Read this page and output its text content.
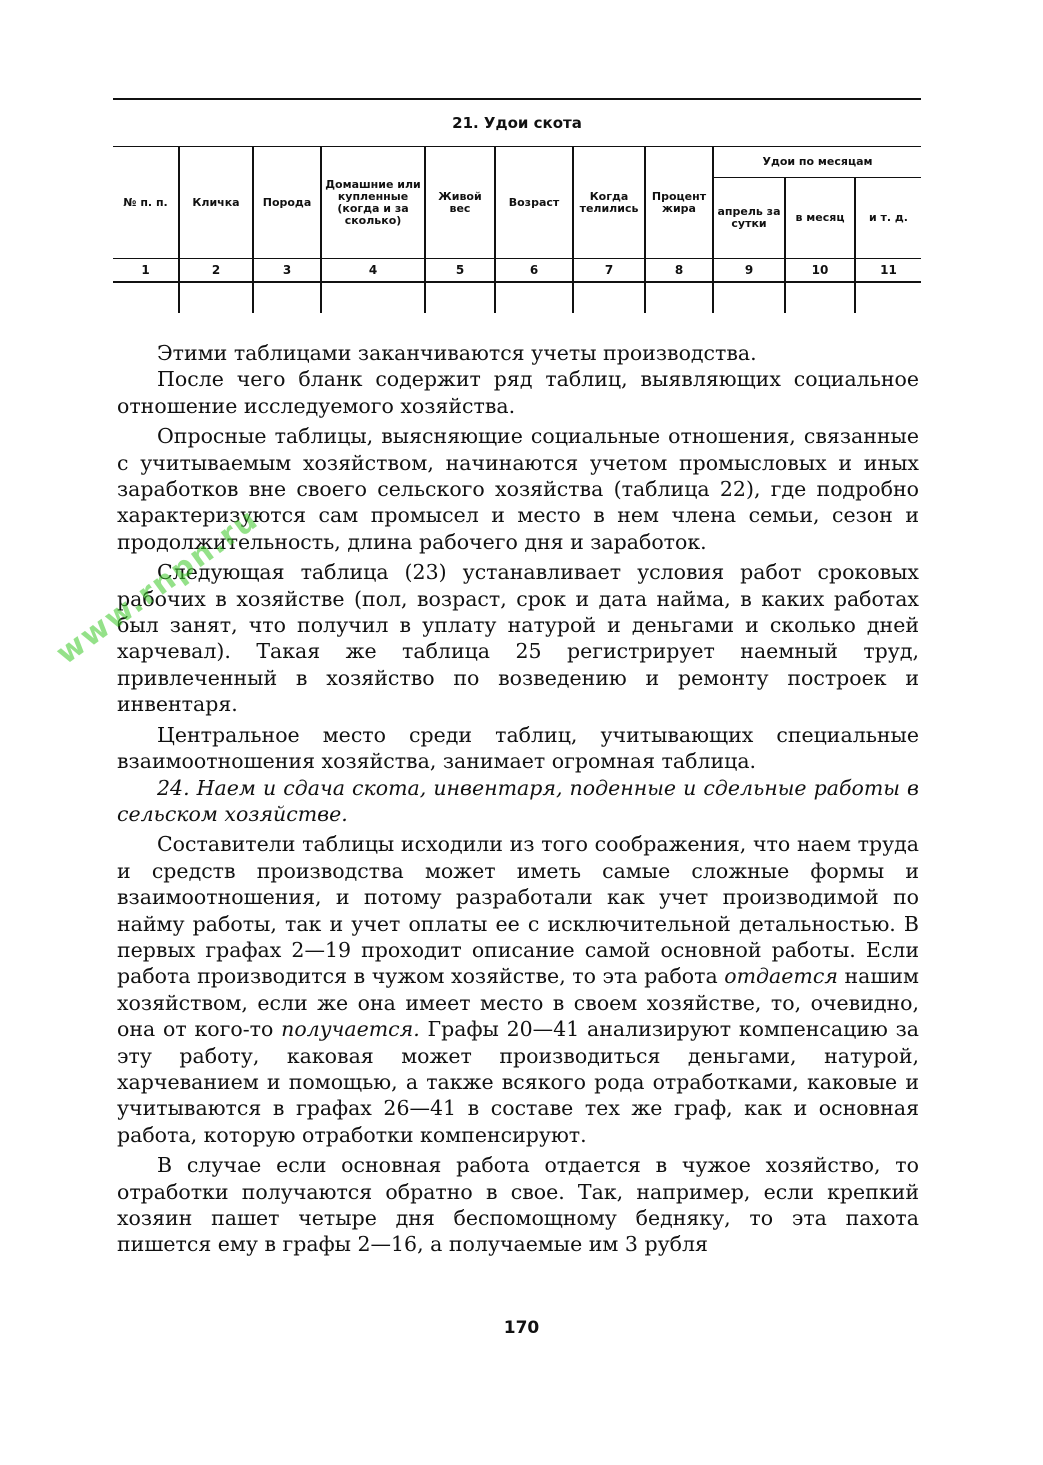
21. Удои скота
№ п. п.	Кличка	Порода	Домашние или купленные (когда и за сколько)	Живой вес	Возраст	Когда телились	Процент жира	Удои по месяцам		
								апрель за сутки	в месяц	и т. д.
1	2	3	4	5	6	7	8	9	10	11

Этими таблицами заканчиваются учеты производства.

После чего бланк содержит ряд таблиц, выявляющих социальное отношение исследуемого хозяйства.

Опросные таблицы, выясняющие социальные отношения, связанные с учитываемым хозяйством, начинаются учетом промысловых и иных заработков вне своего сельского хозяйства (таблица 22), где подробно характеризуются сам промысел и место в нем члена семьи, сезон и продолжительность, длина рабочего дня и заработок.

Следующая таблица (23) устанавливает условия работ сроковых рабочих в хозяйстве (пол, возраст, срок и дата найма, в каких работах был занят, что получил в уплату натурой и деньгами и сколько дней харчевал). Такая же таблица 25 регистрирует наемный труд, привлеченный в хозяйство по возведению и ремонту построек и инвентаря.

Центральное место среди таблиц, учитывающих специальные взаимоотношения хозяйства, занимает огромная таблица.

24. Наем и сдача скота, инвентаря, поденные и сдельные работы в сельском хозяйстве.

Составители таблицы исходили из того соображения, что наем труда и средств производства может иметь самые сложные формы и взаимоотношения, и потому разработали как учет производимой по найму работы, так и учет оплаты ее с исключительной детальностью. В первых графах 2—19 проходит описание самой основной работы. Если работа производится в чужом хозяйстве, то эта работа отдается нашим хозяйством, если же она имеет место в своем хозяйстве, то, очевидно, она от кого-то получается. Графы 20—41 анализируют компенсацию за эту работу, каковая может производиться деньгами, натурой, харчеванием и помощью, а также всякого рода отработками, каковые и учитываются в графах 26—41 в составе тех же граф, как и основная работа, которую отработки компенсируют.

В случае если основная работа отдается в чужое хозяйство, то отработки получаются обратно в свое. Так, например, если крепкий хозяин пашет четыре дня беспомощному бедняку, то эта пахота пишется ему в графы 2—16, а получаемые им 3 рубля

www.rnpn.ru
170
